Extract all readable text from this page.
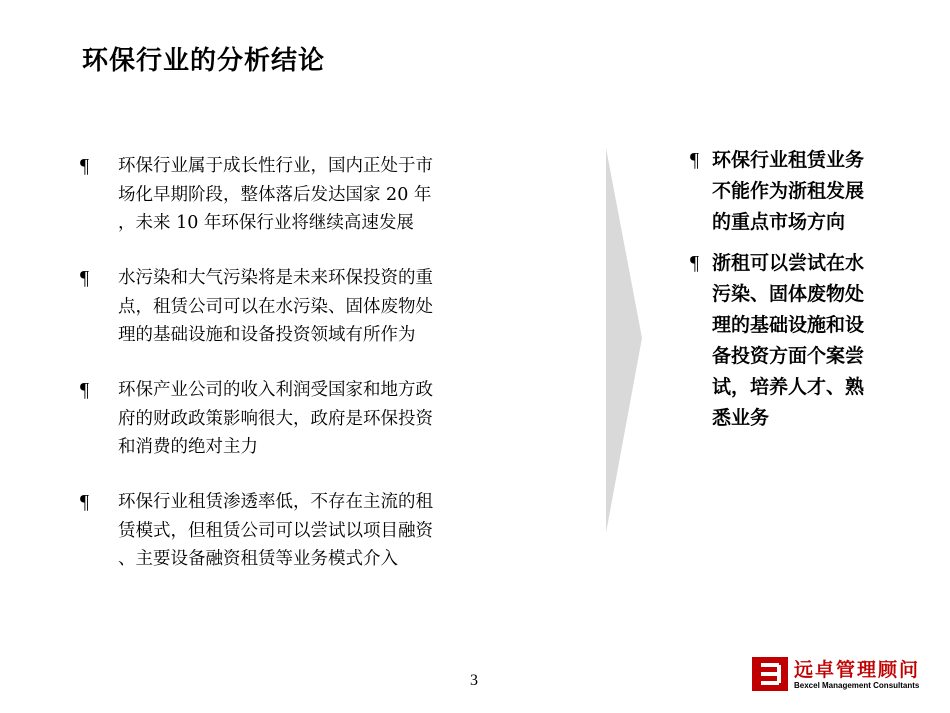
环保行业的分析结论
¶ 环保行业属于成长性行业，国内正处于市
场化早期阶段，整体落后发达国家 20 年
，未来 10 年环保行业将继续高速发展
¶ 水污染和大气污染将是未来环保投资的重
点，租赁公司可以在水污染、固体废物处
理的基础设施和设备投资领域有所作为
¶ 环保产业公司的收入利润受国家和地方政
府的财政政策影响很大，政府是环保投资
和消费的绝对主力
¶ 环保行业租赁渗透率低，不存在主流的租
赁模式，但租赁公司可以尝试以项目融资
、主要设备融资租赁等业务模式介入
¶ 环保行业租赁业务
不能作为浙租发展
的重点市场方向
¶ 浙租可以尝试在水
污染、固体废物处
理的基础设施和设
备投资方面个案尝
试，培养人才、熟
悉业务
3	远卓管理顾问
Bexcel Management Consultants
